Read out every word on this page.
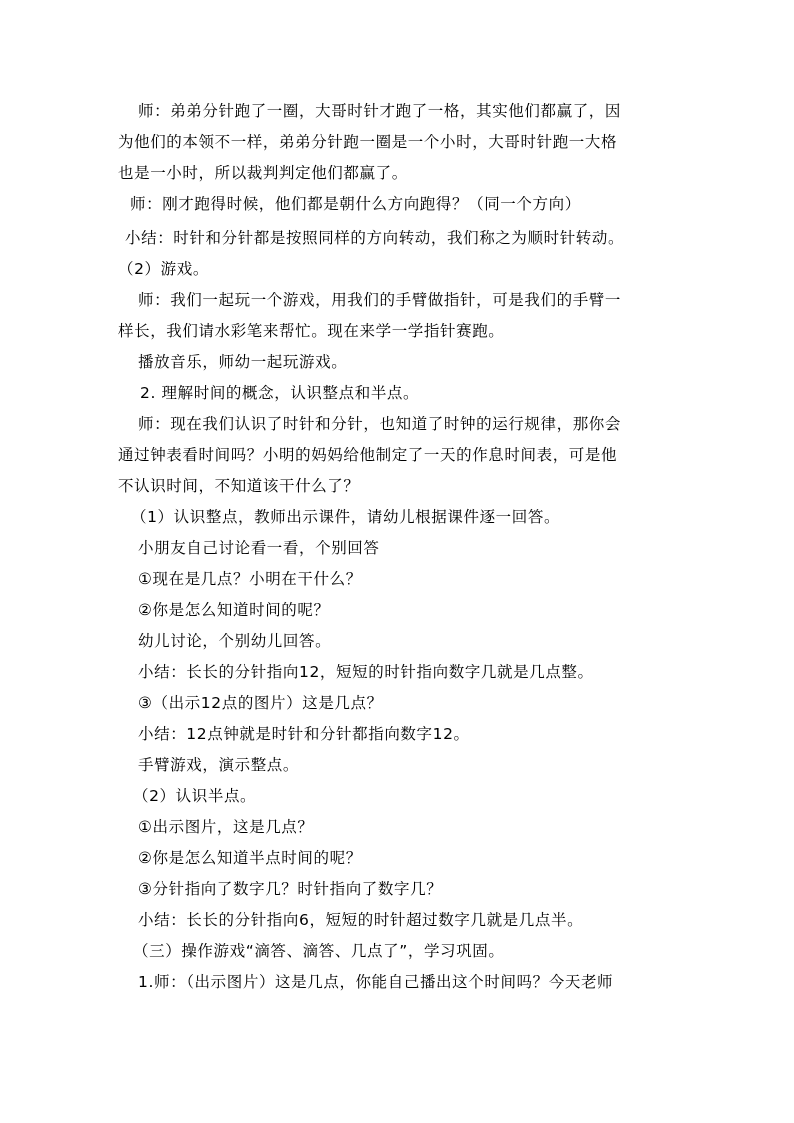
师：弟弟分针跑了一圈，大哥时针才跑了一格，其实他们都赢了，因
为他们的本领不一样，弟弟分针跑一圈是一个小时，大哥时针跑一大格
也是一小时，所以裁判判定他们都赢了。
师：刚才跑得时候，他们都是朝什么方向跑得？（同一个方向）
小结：时针和分针都是按照同样的方向转动，我们称之为顺时针转动。
（2）游戏。
师：我们一起玩一个游戏，用我们的手臂做指针，可是我们的手臂一
样长，我们请水彩笔来帮忙。现在来学一学指针赛跑。
播放音乐，师幼一起玩游戏。
2. 理解时间的概念，认识整点和半点。
师：现在我们认识了时针和分针，也知道了时钟的运行规律，那你会
通过钟表看时间吗？小明的妈妈给他制定了一天的作息时间表，可是他
不认识时间，不知道该干什么了？
（1）认识整点，教师出示课件，请幼儿根据课件逐一回答。
小朋友自己讨论看一看，个别回答
①现在是几点？小明在干什么？
②你是怎么知道时间的呢？
幼儿讨论，个别幼儿回答。
小结：长长的分针指向12，短短的时针指向数字几就是几点整。
③（出示12点的图片）这是几点？
小结：12点钟就是时针和分针都指向数字12。
手臂游戏，演示整点。
（2）认识半点。
①出示图片，这是几点？
②你是怎么知道半点时间的呢？
③分针指向了数字几？时针指向了数字几？
小结：长长的分针指向6，短短的时针超过数字几就是几点半。
（三）操作游戏“滴答、滴答、几点了”，学习巩固。
1.师：（出示图片）这是几点，你能自己播出这个时间吗？今天老师
